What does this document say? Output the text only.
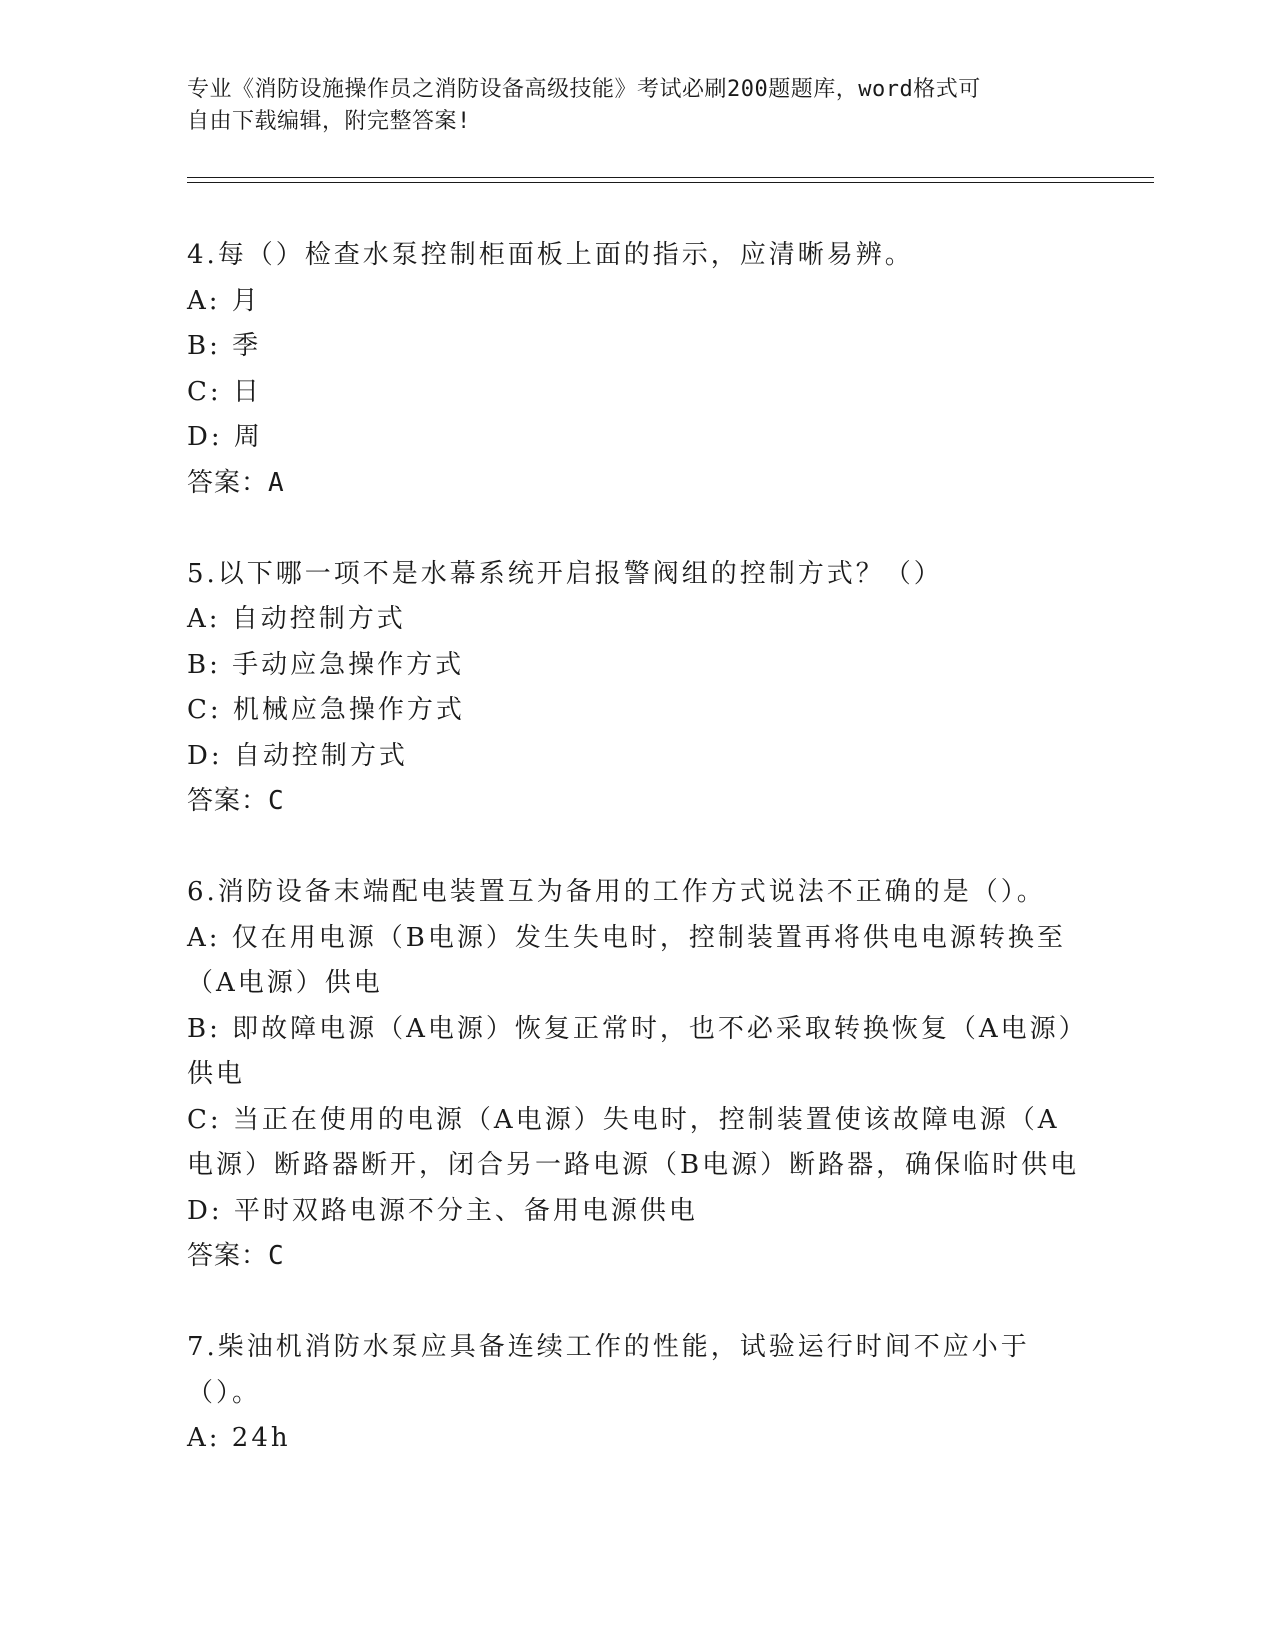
专业《消防设施操作员之消防设备高级技能》考试必刷200题题库，word格式可
自由下载编辑，附完整答案!
4.每（）检查水泵控制柜面板上面的指示，应清晰易辨。
A: 月
B: 季
C: 日
D: 周
答案：A
5.以下哪一项不是水幕系统开启报警阀组的控制方式？（）
A: 自动控制方式
B: 手动应急操作方式
C: 机械应急操作方式
D: 自动控制方式
答案：C
6.消防设备末端配电装置互为备用的工作方式说法不正确的是（）。
A: 仅在用电源（B电源）发生失电时，控制装置再将供电电源转换至（A电源）供电
B: 即故障电源（A电源）恢复正常时，也不必采取转换恢复（A电源）供电
C: 当正在使用的电源（A电源）失电时，控制装置使该故障电源（A电源）断路器断开，闭合另一路电源（B电源）断路器，确保临时供电
D: 平时双路电源不分主、备用电源供电
答案：C
7.柴油机消防水泵应具备连续工作的性能，试验运行时间不应小于（）。
A: 24h
